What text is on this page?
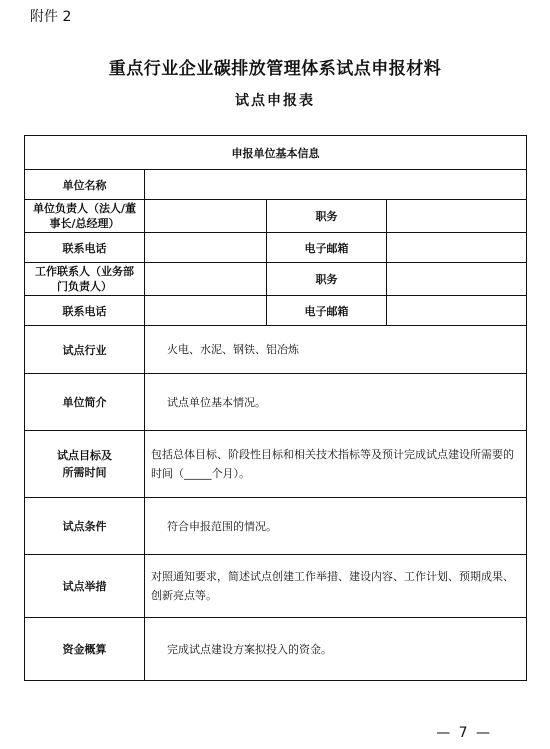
附件 2
重点行业企业碳排放管理体系试点申报材料
试点申报表
申报单位基本信息			
单位名称			
单位负责人（法人/董事长/总经理）		职务	
联系电话		电子邮箱	
工作联系人（业务部门负责人）		职务	
联系电话		电子邮箱	
试点行业	火电、水泥、钢铁、铝冶炼		
单位简介	试点单位基本情况。		
试点目标及所需时间	包括总体目标、阶段性目标和相关技术指标等及预计完成试点建设所需要的时间（_____个月）。		
试点条件	符合申报范围的情况。		
试点举措	对照通知要求，简述试点创建工作举措、建设内容、工作计划、预期成果、创新亮点等。		
资金概算	完成试点建设方案拟投入的资金。		
— 7 —
